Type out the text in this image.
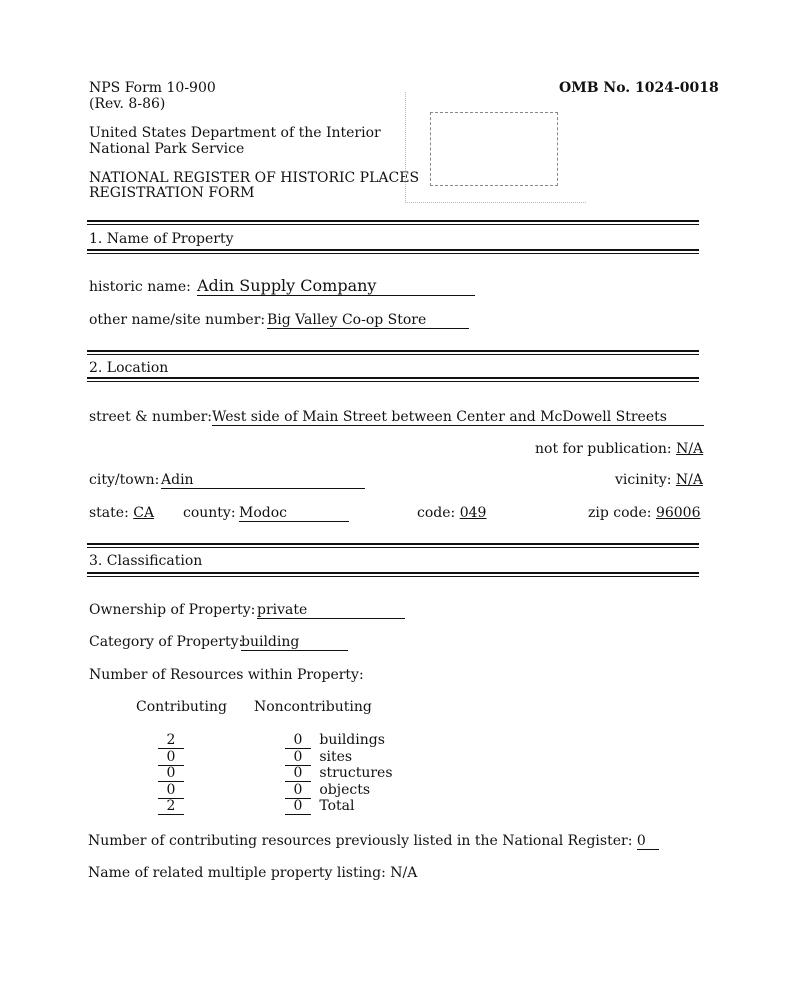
NPS Form 10-900
(Rev. 8-86)
OMB No. 1024-0018
United States Department of the Interior
National Park Service
NATIONAL REGISTER OF HISTORIC PLACES
REGISTRATION FORM
1. Name of Property
historic name: Adin Supply Company
other name/site number: Big Valley Co-op Store
2. Location
street & number: West side of Main Street between Center and McDowell Streets
not for publication: N/A
city/town: Adin	vicinity: N/A
state: CA county: Modoc	code: 049	zip code: 96006
3. Classification
Ownership of Property: private
Category of Property:
building
Number of Resources within Property:
Contributing Noncontributing
2	0 buildings
0	0 sites
0	0 structures
0	0 objects
2	0 Total
Number of contributing resources previously listed in the National Register: 0
Name of related multiple property listing: N/A
